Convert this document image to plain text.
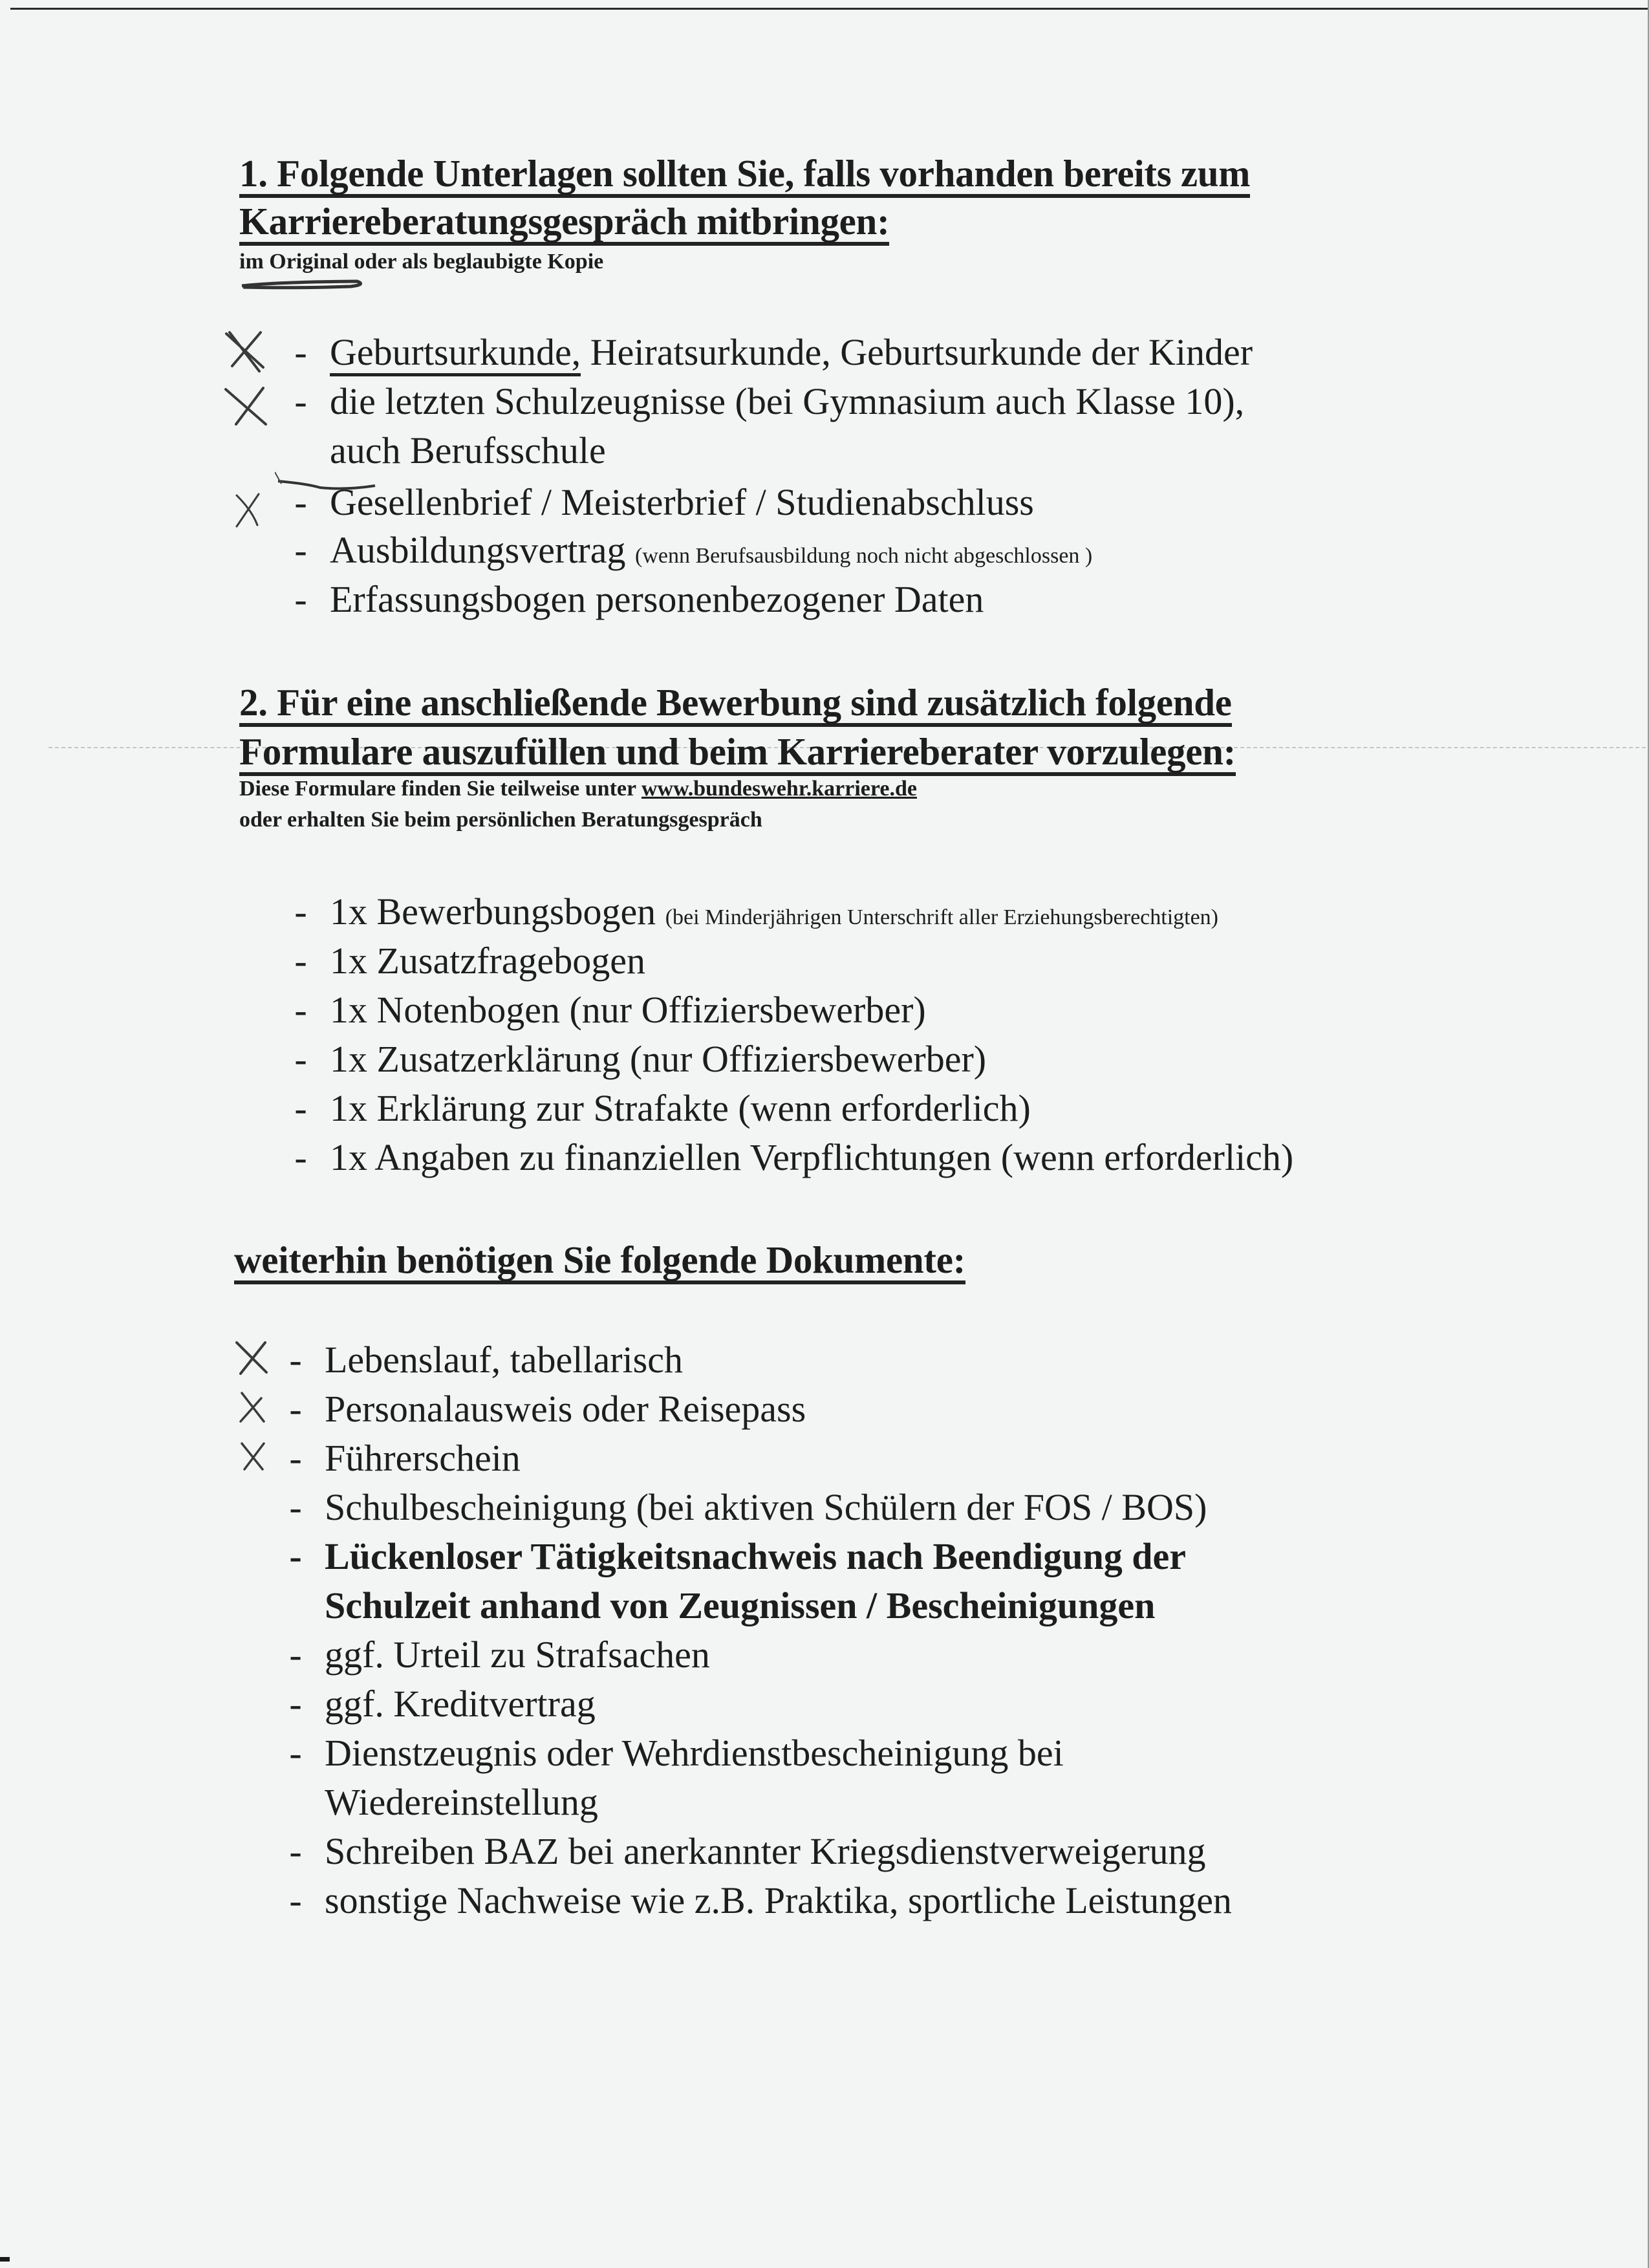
1. Folgende Unterlagen sollten Sie, falls vorhanden bereits zum
Karriereberatungsgespräch mitbringen:
im Original oder als beglaubigte Kopie
- Geburtsurkunde, Heiratsurkunde, Geburtsurkunde der Kinder
- die letzten Schulzeugnisse (bei Gymnasium auch Klasse 10),
auch Berufsschule
- Gesellenbrief / Meisterbrief / Studienabschluss
- Ausbildungsvertrag (wenn Berufsausbildung noch nicht abgeschlossen )
- Erfassungsbogen personenbezogener Daten
2. Für eine anschließende Bewerbung sind zusätzlich folgende
Formulare auszufüllen und beim Karriereberater vorzulegen:
Diese Formulare finden Sie teilweise unter www.bundeswehr.karriere.de
oder erhalten Sie beim persönlichen Beratungsgespräch
- 1x Bewerbungsbogen (bei Minderjährigen Unterschrift aller Erziehungsberechtigten)
- 1x Zusatzfragebogen
- 1x Notenbogen (nur Offiziersbewerber)
- 1x Zusatzerklärung (nur Offiziersbewerber)
- 1x Erklärung zur Strafakte (wenn erforderlich)
- 1x Angaben zu finanziellen Verpflichtungen (wenn erforderlich)
weiterhin benötigen Sie folgende Dokumente:
- Lebenslauf, tabellarisch
- Personalausweis oder Reisepass
- Führerschein
- Schulbescheinigung (bei aktiven Schülern der FOS / BOS)
- Lückenloser Tätigkeitsnachweis nach Beendigung der
Schulzeit anhand von Zeugnissen / Bescheinigungen
- ggf. Urteil zu Strafsachen
- ggf. Kreditvertrag
- Dienstzeugnis oder Wehrdienstbescheinigung bei
Wiedereinstellung
- Schreiben BAZ bei anerkannter Kriegsdienstverweigerung
- sonstige Nachweise wie z.B. Praktika, sportliche Leistungen
